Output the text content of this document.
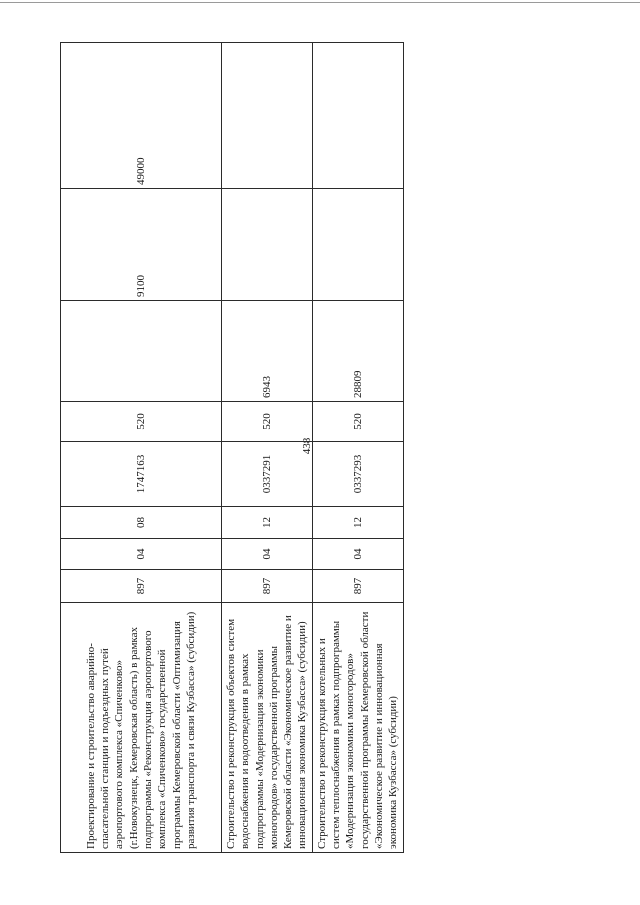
438
Проектирование и строительство аварийно-спасательной станции и подъездных путей аэропортового комплекса «Спиченково» (г.Новокузнецк, Кемеровская область) в рамках подпрограммы «Реконструкция аэропортового комплекса «Спиченково» государственной программы Кемеровской области «Оптимизация развития транспорта и связи Кузбасса» (субсидии)	897	04	08	1747163	520		9100	49000
Строительство и реконструкция объектов систем водоснабжения и водоотведения в рамках подпрограммы «Модернизация экономики моногородов» государственной программы Кемеровской области «Экономическое развитие и инновационная экономика Кузбасса» (субсидии)	897	04	12	0337291	520	6943		
Строительство и реконструкция котельных и систем теплоснабжения в рамках подпрограммы «Модернизация экономики моногородов» государственной программы Кемеровской области «Экономическое развитие и инновационная экономика Кузбасса» (субсидии)	897	04	12	0337293	520	28809		
